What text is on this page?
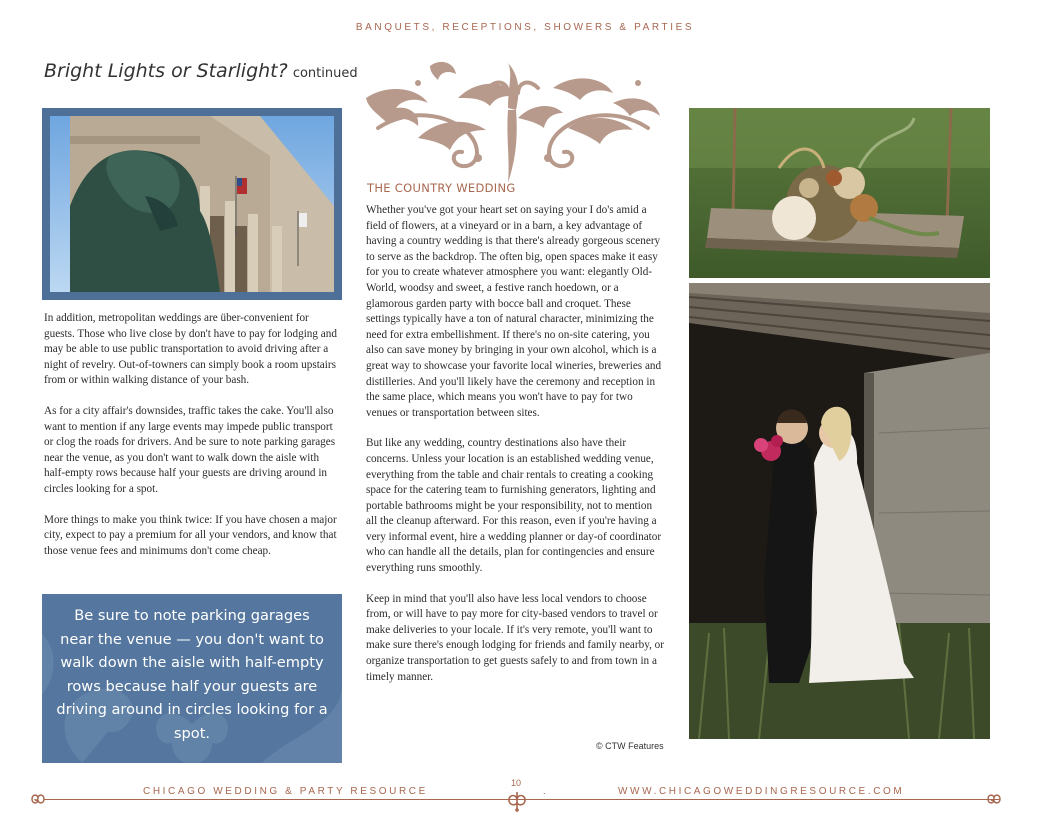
BANQUETS, RECEPTIONS, SHOWERS & PARTIES
Bright Lights or Starlight? continued

In addition, metropolitan weddings are über-convenient for guests. Those who live close by don't have to pay for lodging and may be able to use public transportation to avoid driving after a night of revelry. Out-of-towners can simply book a room upstairs from or within walking distance of your bash.

As for a city affair's downsides, traffic takes the cake. You'll also want to mention if any large events may impede public transport or clog the roads for drivers. And be sure to note parking garages near the venue, as you don't want to walk down the aisle with half-empty rows because half your guests are driving around in circles looking for a spot.

More things to make you think twice: If you have chosen a major city, expect to pay a premium for all your vendors, and know that those venue fees and minimums don't come cheap.

Be sure to note parking garages near the venue — you don't want to walk down the aisle with half-empty rows because half your guests are driving around in circles looking for a spot.
THE COUNTRY WEDDING

Whether you've got your heart set on saying your I do's amid a field of flowers, at a vineyard or in a barn, a key advantage of having a country wedding is that there's already gorgeous scenery to serve as the backdrop. The often big, open spaces make it easy for you to create whatever atmosphere you want: elegantly Old-World, woodsy and sweet, a festive ranch hoedown, or a glamorous garden party with bocce ball and croquet. These settings typically have a ton of natural character, minimizing the need for extra embellishment. If there's no on-site catering, you also can save money by bringing in your own alcohol, which is a great way to showcase your favorite local wineries, breweries and distilleries. And you'll likely have the ceremony and reception in the same place, which means you won't have to pay for two venues or transportation between sites.

But like any wedding, country destinations also have their concerns. Unless your location is an established wedding venue, everything from the table and chair rentals to creating a cooking space for the catering team to furnishing generators, lighting and portable bathrooms might be your responsibility, not to mention all the cleanup afterward. For this reason, even if you're having a very informal event, hire a wedding planner or day-of coordinator who can handle all the details, plan for contingencies and ensure everything runs smoothly.

Keep in mind that you'll also have less local vendors to choose from, or will have to pay more for city-based vendors to travel or make deliveries to your locale. If it's very remote, you'll want to make sure there's enough lodging for friends and family nearby, or organize transportation to get guests safely to and from town in a timely manner.

© CTW Features
CHICAGO WEDDING & PARTY RESOURCE
10
.	WWW.CHICAGOWEDDINGRESOURCE.COM
